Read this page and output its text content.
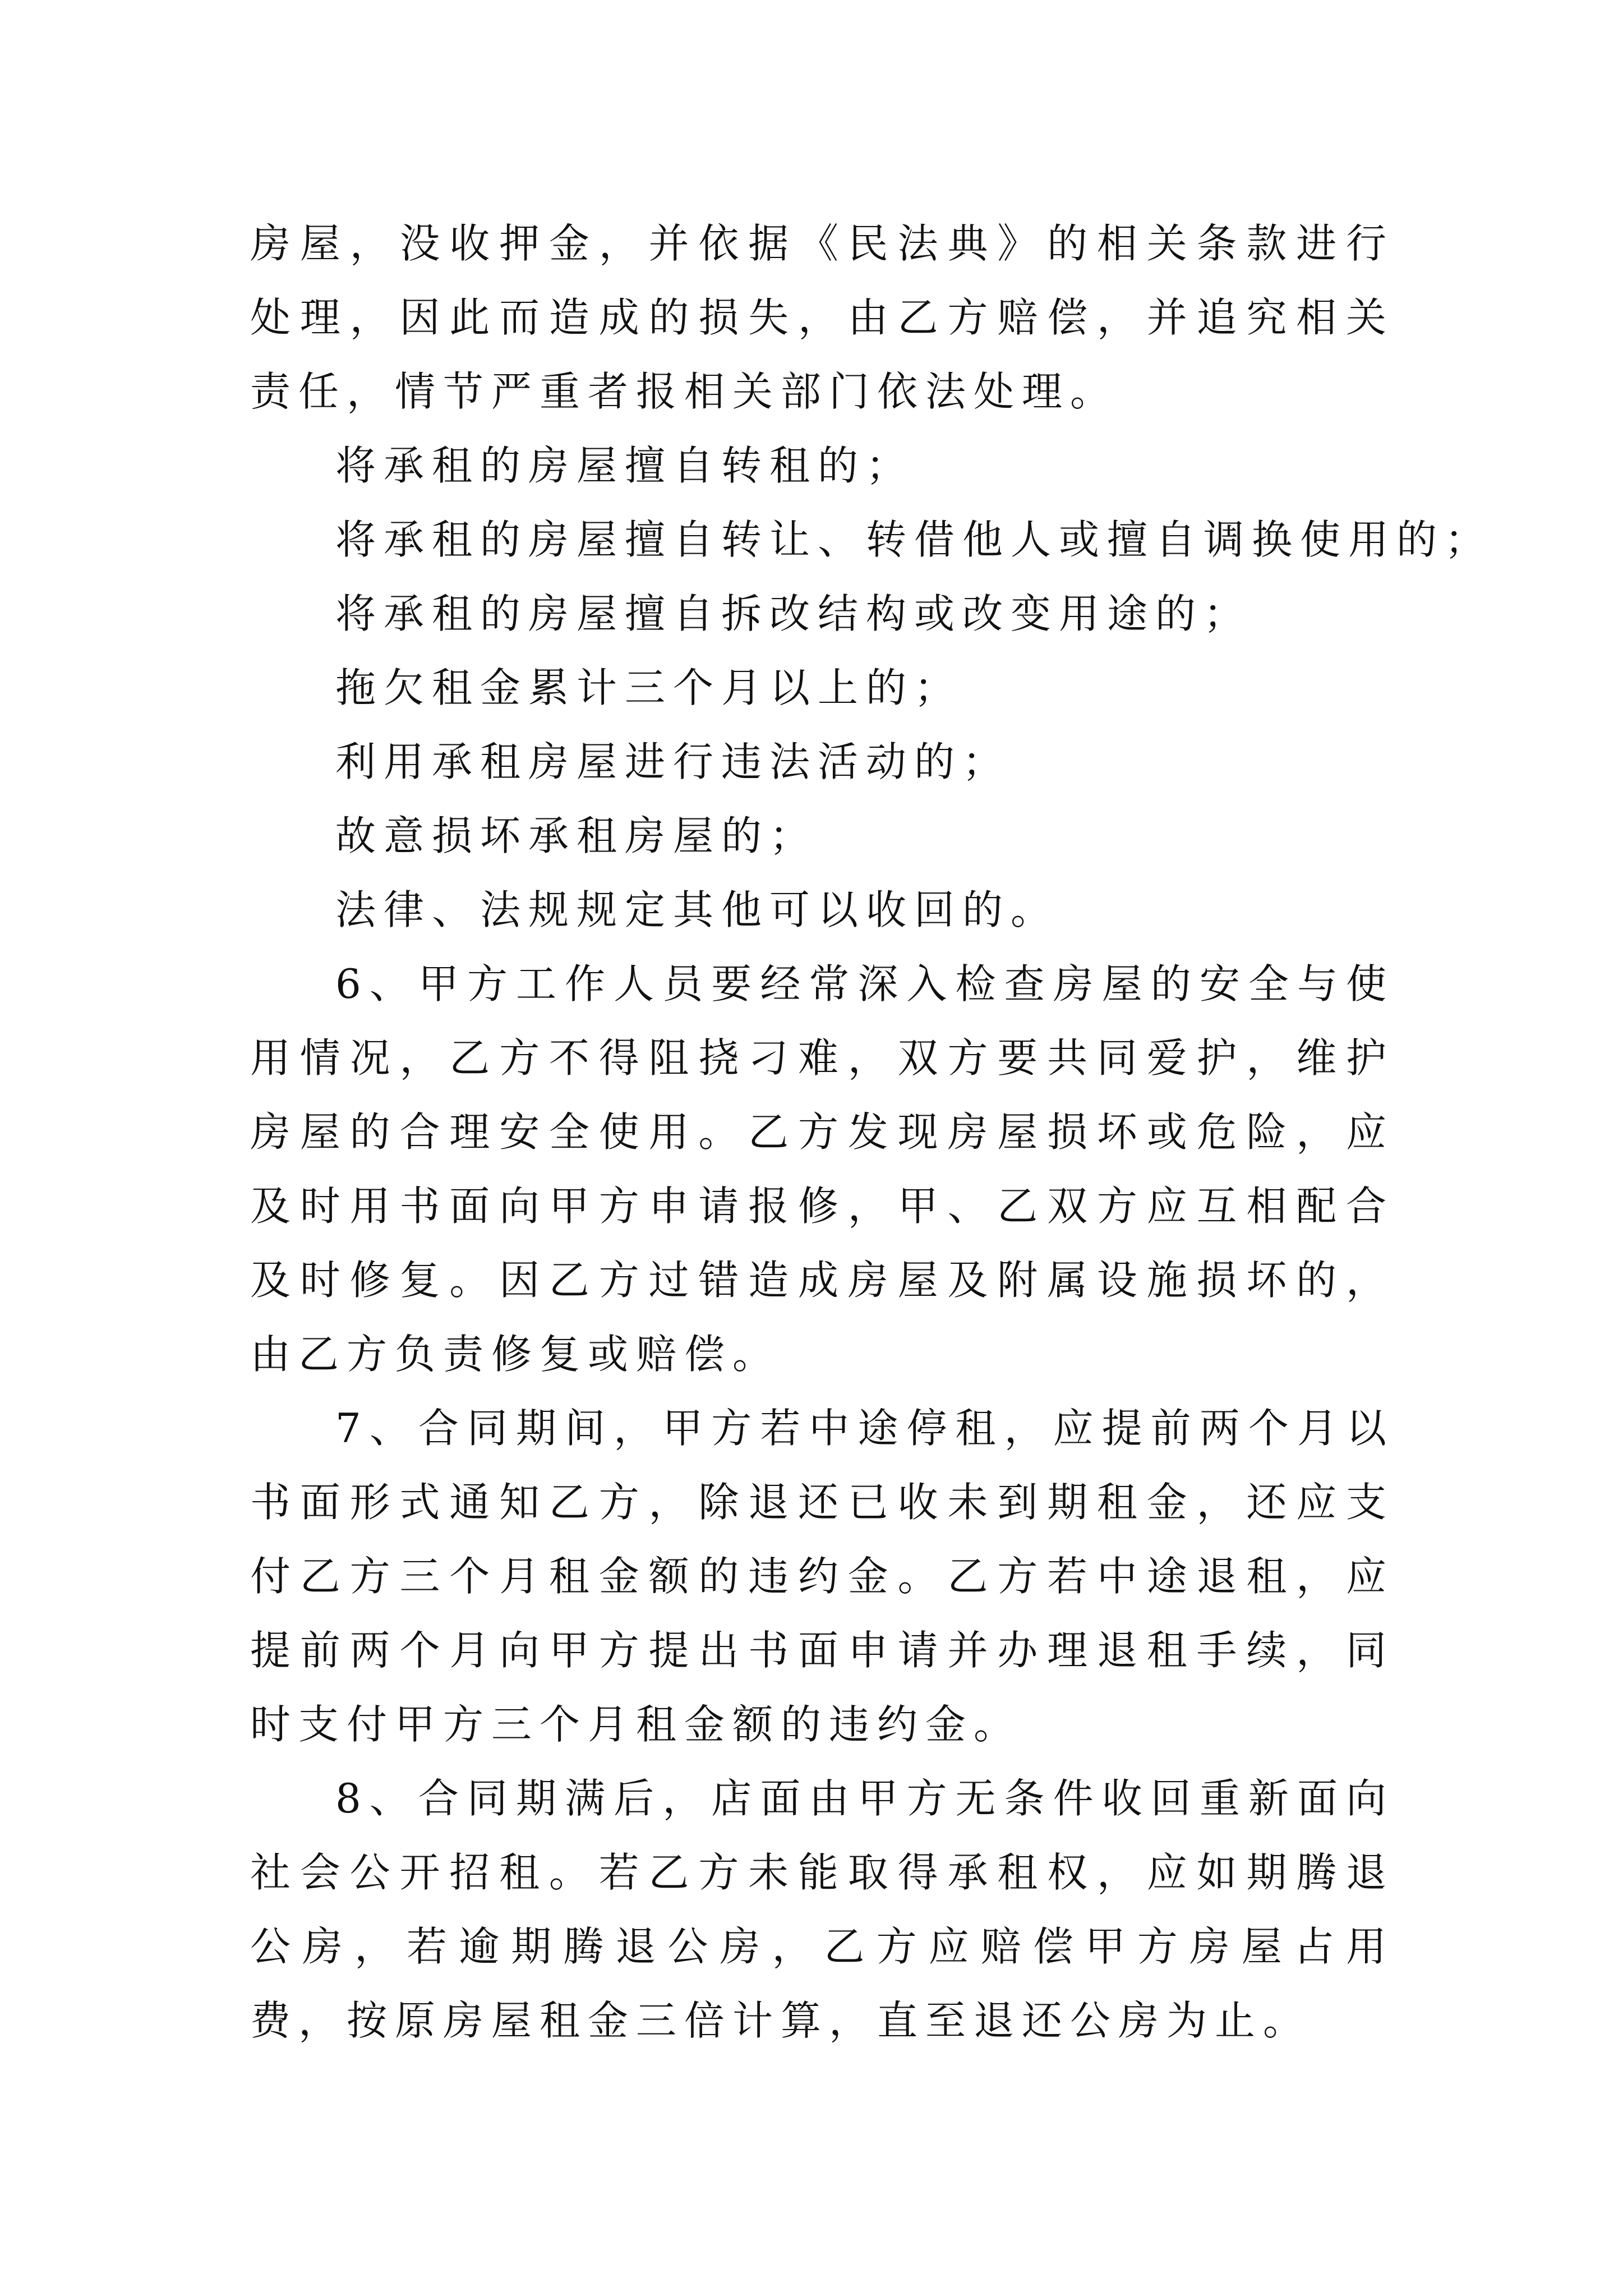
房屋，没收押金，并依据《民法典》的相关条款进行处理，因此而造成的损失，由乙方赔偿，并追究相关责任，情节严重者报相关部门依法处理。

将承租的房屋擅自转租的；

将承租的房屋擅自转让、转借他人或擅自调换使用的；

将承租的房屋擅自拆改结构或改变用途的；

拖欠租金累计三个月以上的；

利用承租房屋进行违法活动的；

故意损坏承租房屋的；

法律、法规规定其他可以收回的。

6、甲方工作人员要经常深入检查房屋的安全与使用情况，乙方不得阻挠刁难，双方要共同爱护，维护房屋的合理安全使用。乙方发现房屋损坏或危险，应及时用书面向甲方申请报修，甲、乙双方应互相配合及时修复。因乙方过错造成房屋及附属设施损坏的，由乙方负责修复或赔偿。

7、合同期间，甲方若中途停租，应提前两个月以书面形式通知乙方，除退还已收未到期租金，还应支付乙方三个月租金额的违约金。乙方若中途退租，应提前两个月向甲方提出书面申请并办理退租手续，同时支付甲方三个月租金额的违约金。

8、合同期满后，店面由甲方无条件收回重新面向社会公开招租。若乙方未能取得承租权，应如期腾退公房，若逾期腾退公房，乙方应赔偿甲方房屋占用费，按原房屋租金三倍计算，直至退还公房为止。
